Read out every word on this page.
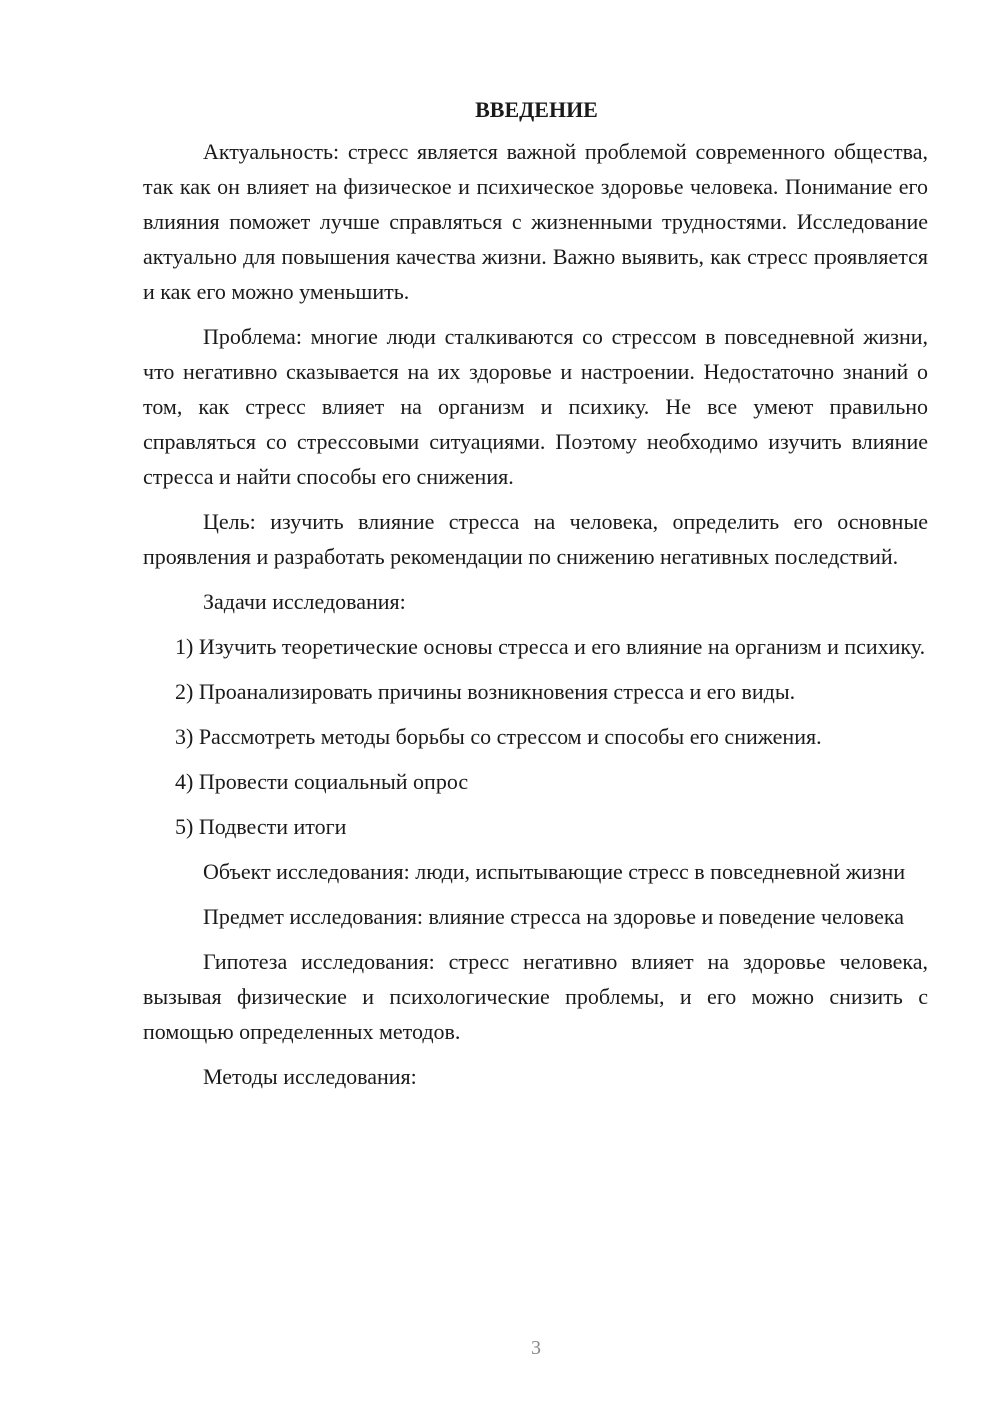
ВВЕДЕНИЕ

Актуальность: стресс является важной проблемой современного общества, так как он влияет на физическое и психическое здоровье человека. Понимание его влияния поможет лучше справляться с жизненными трудностями. Исследование актуально для повышения качества жизни. Важно выявить, как стресс проявляется и как его можно уменьшить.

Проблема: многие люди сталкиваются со стрессом в повседневной жизни, что негативно сказывается на их здоровье и настроении. Недостаточно знаний о том, как стресс влияет на организм и психику. Не все умеют правильно справляться со стрессовыми ситуациями. Поэтому необходимо изучить влияние стресса и найти способы его снижения.

Цель: изучить влияние стресса на человека, определить его основные проявления и разработать рекомендации по снижению негативных последствий.

Задачи исследования:

1) Изучить теоретические основы стресса и его влияние на организм и психику.

2) Проанализировать причины возникновения стресса и его виды.

3) Рассмотреть методы борьбы со стрессом и способы его снижения.

4) Провести социальный опрос

5) Подвести итоги

Объект исследования: люди, испытывающие стресс в повседневной жизни

Предмет исследования: влияние стресса на здоровье и поведение человека

Гипотеза исследования: стресс негативно влияет на здоровье человека, вызывая физические и психологические проблемы, и его можно снизить с помощью определенных методов.

Методы исследования:

3
